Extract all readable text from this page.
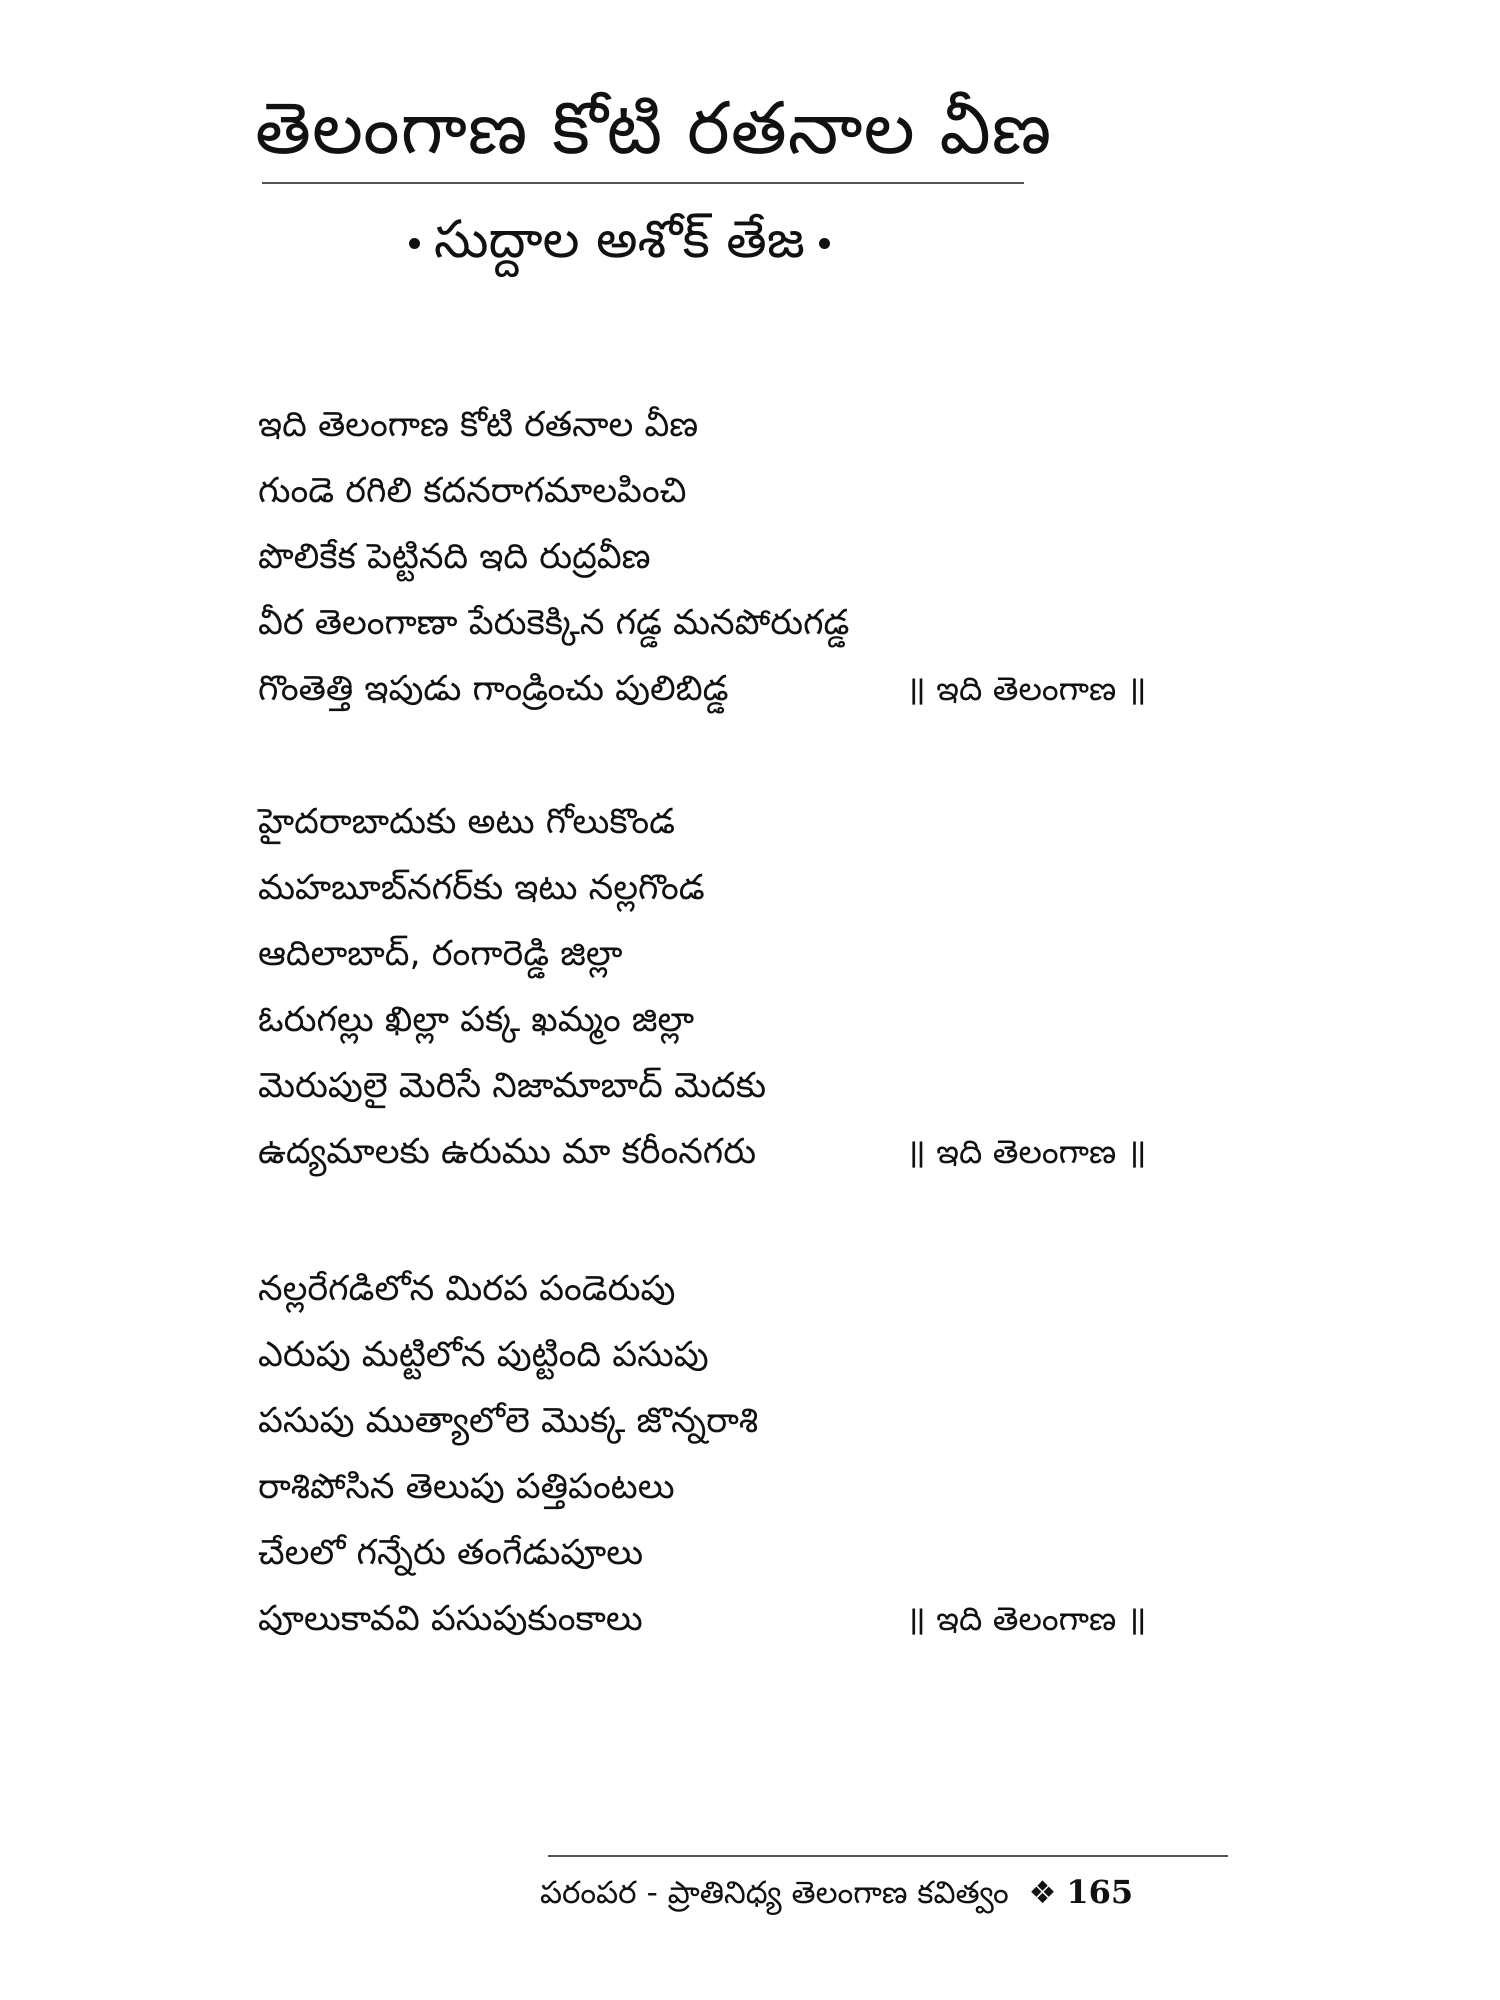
తెలంగాణ కోటి రతనాల వీణ
సుద్దాల అశోక్ తేజ
ఇది తెలంగాణ కోటి రతనాల వీణ
గుండె రగిలి కదనరాగమాలపించి
పొలికేక పెట్టినది ఇది రుద్రవీణ
వీర తెలంగాణా పేరుకెక్కిన గడ్డ మనపోరుగడ్డ
గొంతెత్తి ఇపుడు గాండ్రించు పులిబిడ్డ	॥ ఇది తెలంగాణ ॥
హైదరాబాదుకు అటు గోలుకొండ
మహబూబ్‌నగర్‌కు ఇటు నల్లగొండ
ఆదిలాబాద్, రంగారెడ్డి జిల్లా
ఓరుగల్లు ఖిల్లా పక్క ఖమ్మం జిల్లా
మెరుపులై మెరిసే నిజామాబాద్ మెదకు
ఉద్యమాలకు ఉరుము మా కరీంనగరు	॥ ఇది తెలంగాణ ॥
నల్లరేగడిలోన మిరప పండెరుపు
ఎరుపు మట్టిలోన పుట్టింది పసుపు
పసుపు ముత్యాలోలె మొక్క జొన్నరాశి
రాశిపోసిన తెలుపు పత్తిపంటలు
చేలలో గన్నేరు తంగేడుపూలు
పూలుకావవి పసుపుకుంకాలు	॥ ఇది తెలంగాణ ॥
పరంపర - ప్రాతినిధ్య తెలంగాణ కవిత్వం ❖ 165
